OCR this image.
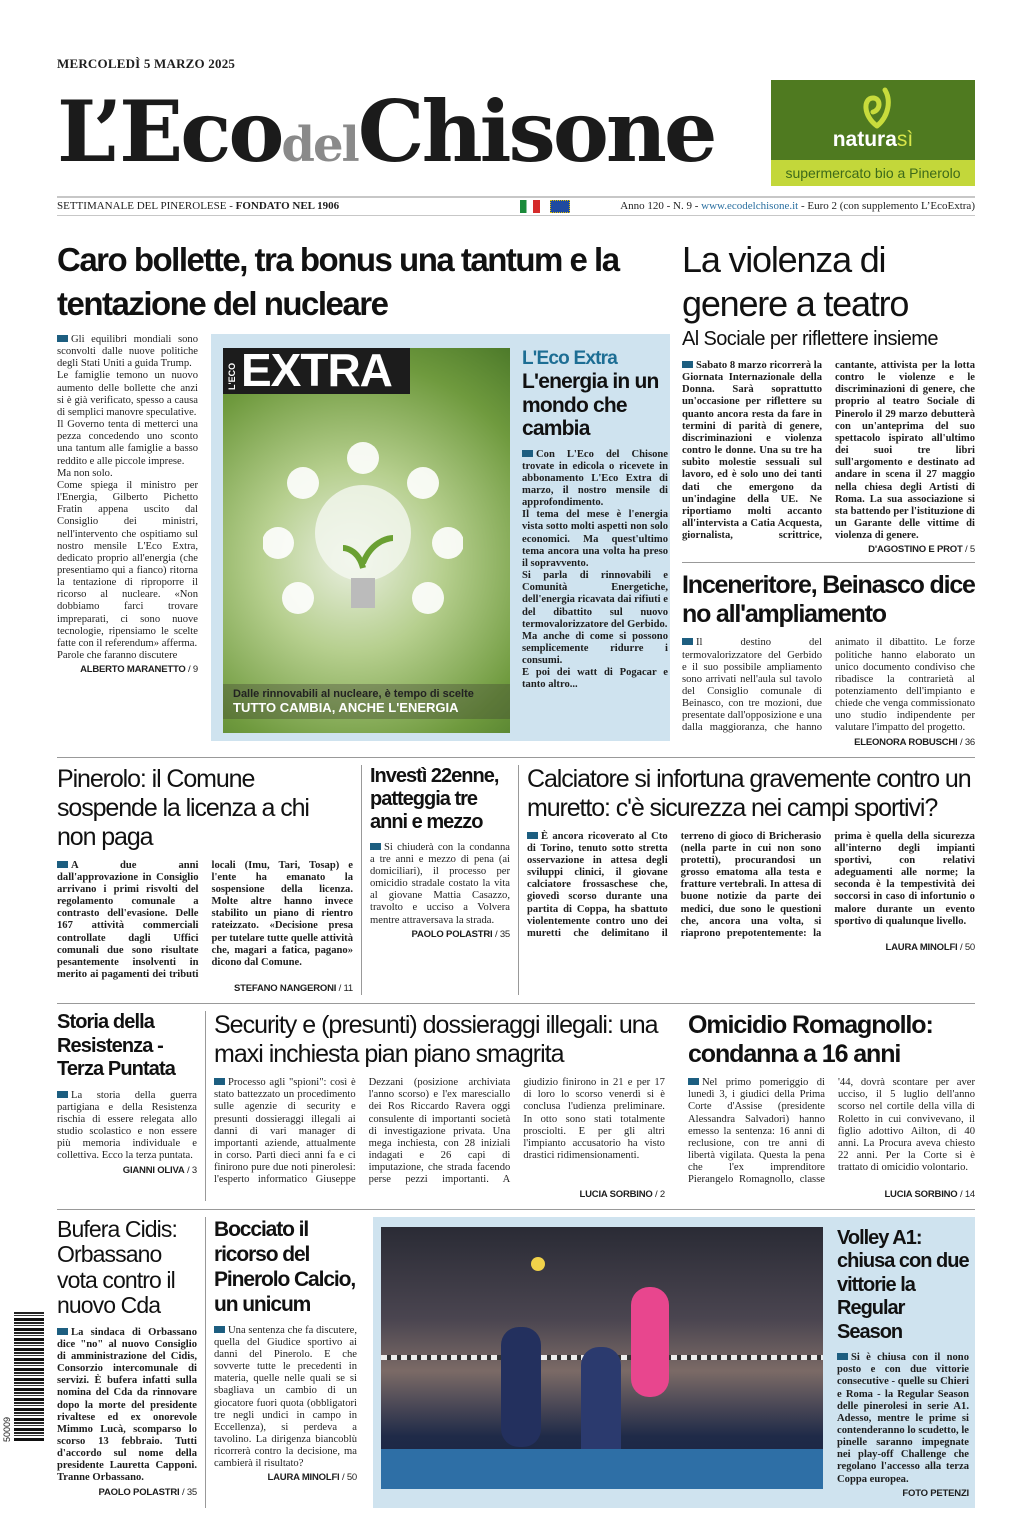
MERCOLEDÌ 5 MARZO 2025
L’EcodelChisone	naturasì
supermercato bio a Pinerolo
SETTIMANALE DEL PINEROLESE - FONDATO NEL 1906	Anno 120 - N. 9 - www.ecodelchisone.it - Euro 2 (con supplemento L’EcoExtra)
Caro bollette, tra bonus una tantum e la tentazione del nucleare

Gli equilibri mondiali sono sconvolti dalle nuove politiche degli Stati Uniti a guida Trump.

Le famiglie temono un nuovo aumento delle bollette che anzi si è già verificato, spesso a causa di semplici manovre speculative.

Il Governo tenta di metterci una pezza concedendo uno sconto una tantum alle famiglie a basso reddito e alle piccole imprese.

Ma non solo.

Come spiega il ministro per l'Energia, Gilberto Pichetto Fratin appena uscito dal Consiglio dei ministri, nell'intervento che ospitiamo sul nostro mensile L'Eco Extra, dedicato proprio all'energia (che presentiamo qui a fianco) ritorna la tentazione di riproporre il ricorso al nucleare. «Non dobbiamo farci trovare impreparati, ci sono nuove tecnologie, ripensiamo le scelte fatte con il referendum» afferma.

Parole che faranno discutere

ALBERTO MARANETTO / 9
L'ECO EXTRA
Dalle rinnovabili al nucleare, è tempo di scelte
TUTTO CAMBIA, ANCHE L'ENERGIA
L'Eco Extra
L'energia in un mondo che cambia

Con L'Eco del Chisone trovate in edicola o ricevete in abbonamento L'Eco Extra di marzo, il nostro mensile di approfondimento.

Il tema del mese è l'energia vista sotto molti aspetti non solo economici. Ma quest'ultimo tema ancora una volta ha preso il sopravvento.

Si parla di rinnovabili e Comunità Energetiche, dell'energia ricavata dai rifiuti e del dibattito sul nuovo termovalorizzatore del Gerbido.

Ma anche di come si possono semplicemente ridurre i consumi.

E poi dei watt di Pogacar e tanto altro...

La violenza di genere a teatro
Al Sociale per riflettere insieme

Sabato 8 marzo ricorrerà la Giornata Internazionale della Donna. Sarà soprattutto un'occasione per riflettere su quanto ancora resta da fare in termini di parità di genere, discriminazioni e violenza contro le donne. Una su tre ha subìto molestie sessuali sul lavoro, ed è solo uno dei tanti dati che emergono da un'indagine della UE. Ne riportiamo molti accanto all'intervista a Catia Acquesta, giornalista, scrittrice, cantante, attivista per la lotta contro le violenze e le discriminazioni di genere, che proprio al teatro Sociale di Pinerolo il 29 marzo debutterà con un'anteprima del suo spettacolo ispirato all'ultimo dei suoi tre libri sull'argomento e destinato ad andare in scena il 27 maggio nella chiesa degli Artisti di Roma. La sua associazione si sta battendo per l'istituzione di un Garante delle vittime di violenza di genere.

D'AGOSTINO E PROT / 5
Inceneritore, Beinasco dice no all'ampliamento

Il destino del termovalorizzatore del Gerbido e il suo possibile ampliamento sono arrivati nell'aula sul tavolo del Consiglio comunale di Beinasco, con tre mozioni, due presentate dall'opposizione e una dalla maggioranza, che hanno animato il dibattito. Le forze politiche hanno elaborato un unico documento condiviso che ribadisce la contrarietà al potenziamento dell'impianto e chiede che venga commissionato uno studio indipendente per valutare l'impatto del progetto.

ELEONORA ROBUSCHI / 36
Pinerolo: il Comune sospende la licenza a chi non paga

A due anni dall'approvazione in Consiglio arrivano i primi risvolti del regolamento comunale a contrasto dell'evasione. Delle 167 attività commerciali controllate dagli Uffici comunali due sono risultate pesantemente insolventi in merito ai pagamenti dei tributi locali (Imu, Tari, Tosap) e l'ente ha emanato la sospensione della licenza. Molte altre hanno invece stabilito un piano di rientro rateizzato. «Decisione presa per tutelare tutte quelle attività che, magari a fatica, pagano» dicono dal Comune.

STEFANO NANGERONI / 11
Investì 22enne, patteggia tre anni e mezzo

Si chiuderà con la condanna a tre anni e mezzo di pena (ai domiciliari), il processo per omicidio stradale costato la vita al giovane Mattia Casazzo, travolto e ucciso a Volvera mentre attraversava la strada.

PAOLO POLASTRI / 35
Calciatore si infortuna gravemente contro un muretto: c'è sicurezza nei campi sportivi?

È ancora ricoverato al Cto di Torino, tenuto sotto stretta osservazione in attesa degli sviluppi clinici, il giovane calciatore frossaschese che, giovedì scorso durante una partita di Coppa, ha sbattuto violentemente contro uno dei muretti che delimitano il terreno di gioco di Bricherasio (nella parte in cui non sono protetti), procurandosi un grosso ematoma alla testa e fratture vertebrali. In attesa di buone notizie da parte dei medici, due sono le questioni che, ancora una volta, si riaprono prepotentemente: la prima è quella della sicurezza all'interno degli impianti sportivi, con relativi adeguamenti alle norme; la seconda è la tempestività dei soccorsi in caso di infortunio o malore durante un evento sportivo di qualunque livello.

LAURA MINOLFI / 50
Storia della Resistenza - Terza Puntata

La storia della guerra partigiana e della Resistenza rischia di essere relegata allo studio scolastico e non essere più memoria individuale e collettiva. Ecco la terza puntata.

GIANNI OLIVA / 3
Security e (presunti) dossieraggi illegali: una maxi inchiesta pian piano smagrita

Processo agli "spioni": così è stato battezzato un procedimento sulle agenzie di security e presunti dossieraggi illegali ai danni di vari manager di importanti aziende, attualmente in corso. Partì dieci anni fa e ci finirono pure due noti pinerolesi: l'esperto informatico Giuseppe Dezzani (posizione archiviata l'anno scorso) e l'ex maresciallo dei Ros Riccardo Ravera oggi consulente di importanti società di investigazione privata. Una mega inchiesta, con 28 iniziali indagati e 26 capi di imputazione, che strada facendo perse pezzi importanti. A giudizio finirono in 21 e per 17 di loro lo scorso venerdì si è conclusa l'udienza preliminare. In otto sono stati totalmente prosciolti. E per gli altri l'impianto accusatorio ha visto drastici ridimensionamenti.

LUCIA SORBINO / 2
Omicidio Romagnollo: condanna a 16 anni

Nel primo pomeriggio di lunedì 3, i giudici della Prima Corte d'Assise (presidente Alessandra Salvadori) hanno emesso la sentenza: 16 anni di reclusione, con tre anni di libertà vigilata. Questa la pena che l'ex imprenditore Pierangelo Romagnollo, classe '44, dovrà scontare per aver ucciso, il 5 luglio dell'anno scorso nel cortile della villa di Roletto in cui convivevano, il figlio adottivo Ailton, di 40 anni. La Procura aveva chiesto 22 anni. Per la Corte si è trattato di omicidio volontario.

LUCIA SORBINO / 14
Bufera Cidis: Orbassano vota contro il nuovo Cda

La sindaca di Orbassano dice "no" al nuovo Consiglio di amministrazione del Cidis, Consorzio intercomunale di servizi. È bufera infatti sulla nomina del Cda da rinnovare dopo la morte del presidente rivaltese ed ex onorevole Mimmo Lucà, scomparso lo scorso 13 febbraio. Tutti d'accordo sul nome della presidente Lauretta Capponi. Tranne Orbassano.

PAOLO POLASTRI / 35
Bocciato il ricorso del Pinerolo Calcio, un unicum

Una sentenza che fa discutere, quella del Giudice sportivo ai danni del Pinerolo. E che sovverte tutte le precedenti in materia, quelle nelle quali se si sbagliava un cambio di un giocatore fuori quota (obbligatori tre negli undici in campo in Eccellenza), si perdeva a tavolino. La dirigenza biancoblù ricorrerà contro la decisione, ma cambierà il risultato?

LAURA MINOLFI / 50
Volley A1: chiusa con due vittorie la Regular Season

Si è chiusa con il nono posto e con due vittorie consecutive - quelle su Chieri e Roma - la Regular Season delle pinerolesi in serie A1. Adesso, mentre le prime si contenderanno lo scudetto, le pinelle saranno impegnate nei play-off Challenge che regolano l'accesso alla terza Coppa europea.

FOTO PETENZI
50009
